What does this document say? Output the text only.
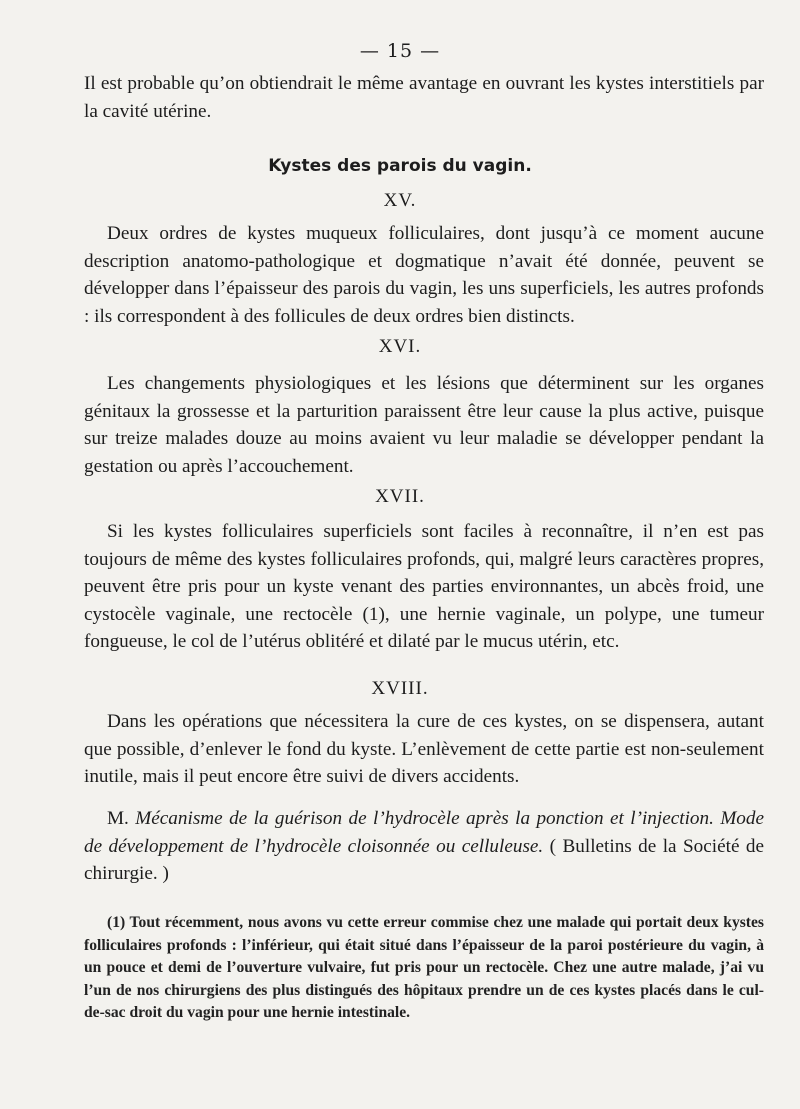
— 15 —

Il est probable qu’on obtiendrait le même avantage en ouvrant les kystes interstitiels par la cavité utérine.

Kystes des parois du vagin.
XV.

Deux ordres de kystes muqueux folliculaires, dont jusqu’à ce moment aucune description anatomo-pathologique et dogmatique n’avait été donnée, peuvent se développer dans l’épaisseur des parois du vagin, les uns superficiels, les autres profonds : ils correspondent à des follicules de deux ordres bien distincts.

XVI.

Les changements physiologiques et les lésions que déterminent sur les organes génitaux la grossesse et la parturition paraissent être leur cause la plus active, puisque sur treize malades douze au moins avaient vu leur maladie se développer pendant la gestation ou après l’accouchement.

XVII.

Si les kystes folliculaires superficiels sont faciles à reconnaître, il n’en est pas toujours de même des kystes folliculaires profonds, qui, malgré leurs caractères propres, peuvent être pris pour un kyste venant des parties environnantes, un abcès froid, une cystocèle vaginale, une rectocèle (1), une hernie vaginale, un polype, une tumeur fongueuse, le col de l’utérus oblitéré et dilaté par le mucus utérin, etc.

XVIII.

Dans les opérations que nécessitera la cure de ces kystes, on se dispensera, autant que possible, d’enlever le fond du kyste. L’enlèvement de cette partie est non-seulement inutile, mais il peut encore être suivi de divers accidents.

M. Mécanisme de la guérison de l’hydrocèle après la ponction et l’injection. Mode de développement de l’hydrocèle cloisonnée ou celluleuse. ( Bulletins de la Société de chirurgie. )

(1) Tout récemment, nous avons vu cette erreur commise chez une malade qui portait deux kystes folliculaires profonds : l’inférieur, qui était situé dans l’épaisseur de la paroi postérieure du vagin, à un pouce et demi de l’ouverture vulvaire, fut pris pour un rectocèle. Chez une autre malade, j’ai vu l’un de nos chirurgiens des plus distingués des hôpitaux prendre un de ces kystes placés dans le cul-de-sac droit du vagin pour une hernie intestinale.
